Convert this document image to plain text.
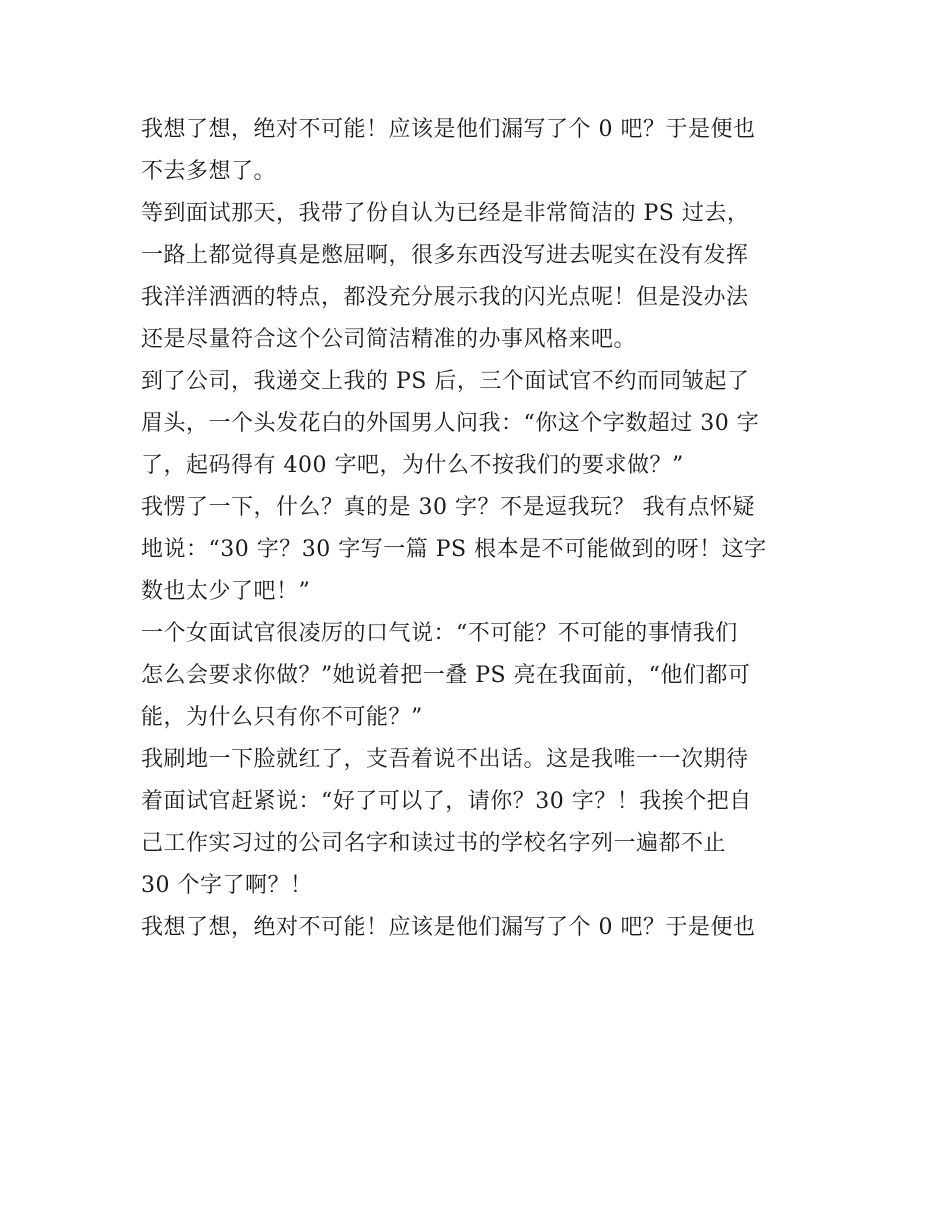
我想了想，绝对不可能！应该是他们漏写了个 0 吧？于是便也
不去多想了。
等到面试那天，我带了份自认为已经是非常简洁的 PS 过去，
一路上都觉得真是憋屈啊，很多东西没写进去呢实在没有发挥
我洋洋洒洒的特点，都没充分展示我的闪光点呢！但是没办法
还是尽量符合这个公司简洁精准的办事风格来吧。
到了公司，我递交上我的 PS 后，三个面试官不约而同皱起了
眉头，一个头发花白的外国男人问我：“你这个字数超过 30 字
了，起码得有 400 字吧，为什么不按我们的要求做？”
我愣了一下，什么？真的是 30 字？不是逗我玩？ 我有点怀疑
地说：“30 字？30 字写一篇 PS 根本是不可能做到的呀！这字
数也太少了吧！”
一个女面试官很凌厉的口气说：“不可能？不可能的事情我们
怎么会要求你做？”她说着把一叠 PS 亮在我面前，“他们都可
能，为什么只有你不可能？”
我刷地一下脸就红了，支吾着说不出话。这是我唯一一次期待
着面试官赶紧说：“好了可以了，请你？30 字？！我挨个把自
己工作实习过的公司名字和读过书的学校名字列一遍都不止
30 个字了啊？！
我想了想，绝对不可能！应该是他们漏写了个 0 吧？于是便也
